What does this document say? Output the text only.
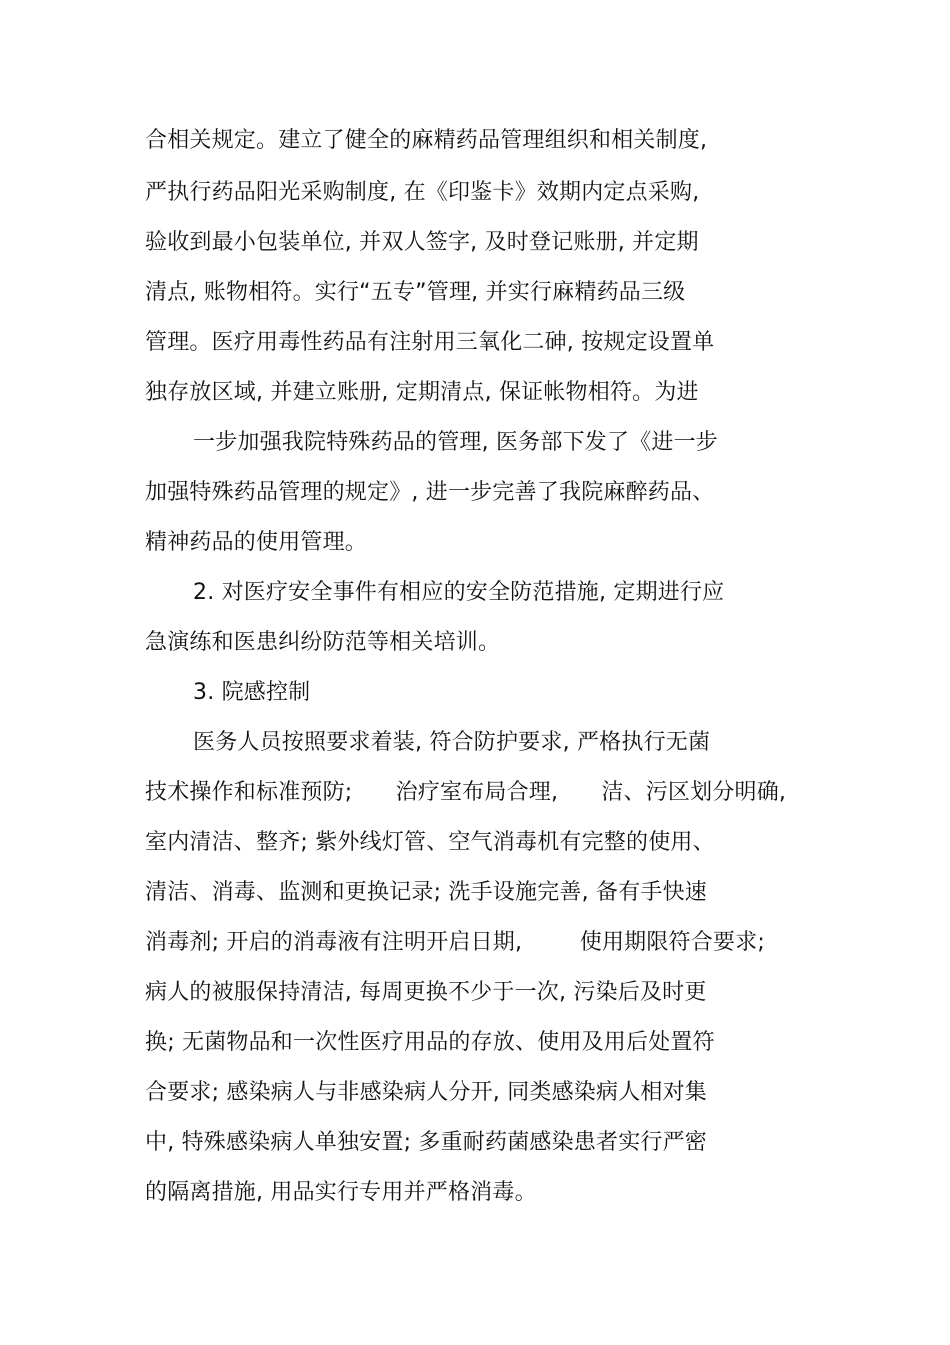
合相关规定。建立了健全的麻精药品管理组织和相关制度,
严执行药品阳光采购制度, 在《印鉴卡》效期内定点采购,
验收到最小包装单位, 并双人签字, 及时登记账册, 并定期
清点, 账物相符。实行“五专”管理, 并实行麻精药品三级
管理。医疗用毒性药品有注射用三氧化二砷, 按规定设置单
独存放区域, 并建立账册, 定期清点, 保证帐物相符。为进
一步加强我院特殊药品的管理, 医务部下发了《进一步
加强特殊药品管理的规定》, 进一步完善了我院麻醉药品、
精神药品的使用管理。
2. 对医疗安全事件有相应的安全防范措施, 定期进行应
急演练和医患纠纷防范等相关培训。
3. 院感控制
医务人员按照要求着装, 符合防护要求, 严格执行无菌
技术操作和标准预防;      治疗室布局合理,      洁、污区划分明确,
室内清洁、整齐; 紫外线灯管、空气消毒机有完整的使用、
清洁、消毒、监测和更换记录; 洗手设施完善, 备有手快速
消毒剂; 开启的消毒液有注明开启日期,        使用期限符合要求;
病人的被服保持清洁, 每周更换不少于一次, 污染后及时更
换; 无菌物品和一次性医疗用品的存放、使用及用后处置符
合要求; 感染病人与非感染病人分开, 同类感染病人相对集
中, 特殊感染病人单独安置; 多重耐药菌感染患者实行严密
的隔离措施, 用品实行专用并严格消毒。
